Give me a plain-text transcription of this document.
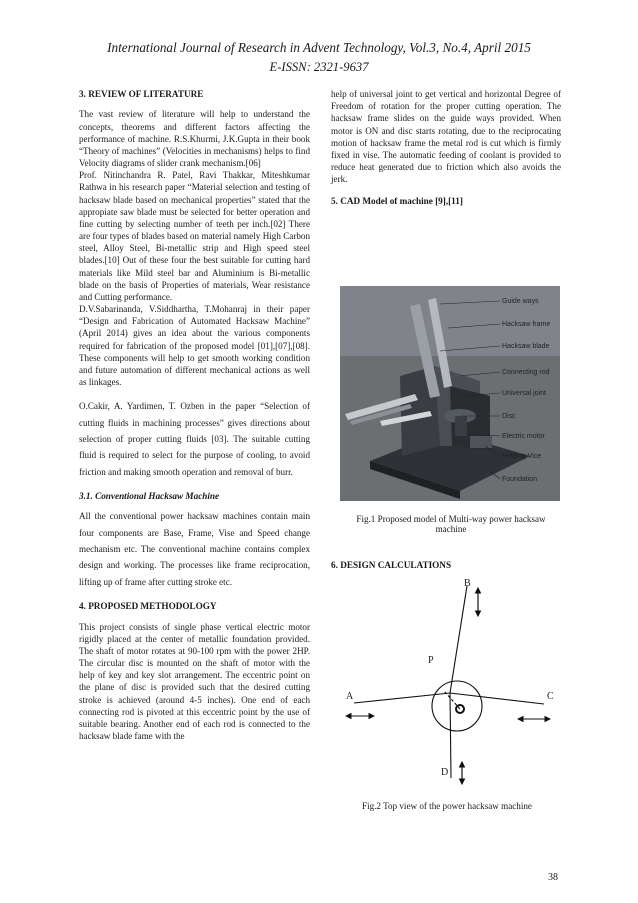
International Journal of Research in Advent Technology, Vol.3, No.4, April 2015
E-ISSN: 2321-9637
3. REVIEW OF LITERATURE

The vast review of literature will help to understand the concepts, theorems and different factors affecting the performance of machine. R.S.Khurmi, J.K.Gupta in their book “Theory of machines” (Velocities in mechanisms) helps to find Velocity diagrams of slider crank mechanism.[06]

Prof. Nitinchandra R. Patel, Ravi Thakkar, Miteshkumar Rathwa in his research paper “Material selection and testing of hacksaw blade based on mechanical properties” stated that the appropiate saw blade must be selected for better operation and fine cutting by selecting number of teeth per inch.[02] There are four types of blades based on material namely High Carbon steel, Alloy Steel, Bi-metallic strip and High speed steel blades.[10] Out of these four the best suitable for cutting hard materials like Mild steel bar and Aluminium is Bi-metallic blade on the basis of Properties of materials, Wear resistance and Cutting performance.

D.V.Sabarinanda, V.Siddhartha, T.Mohanraj in their paper “Design and Fabrication of Automated Hacksaw Machine” (April 2014) gives an idea about the various components required for fabrication of the proposed model [01],[07],[08]. These components will help to get smooth working condition and future automation of different mechanical actions as well as linkages.

O.Cakir, A. Yardimen, T. Ozben in the paper “Selection of cutting fluids in machining processes” gives directions about selection of proper cutting fluids [03]. The suitable cutting fluid is required to select for the purpose of cooling, to avoid friction and making smooth operation and removal of burr.

3.1. Conventional Hacksaw Machine

All the conventional power hacksaw machines contain main four components are Base, Frame, Vise and Speed change mechanism etc. The conventional machine contains complex design and working. The processes like frame reciprocation, lifting up of frame after cutting stroke etc.

4. PROPOSED METHODOLOGY

This project consists of single phase vertical electric motor rigidly placed at the center of metallic foundation provided. The shaft of motor rotates at 90-100 rpm with the power 2HP. The circular disc is mounted on the shaft of motor with the help of key and key slot arrangement. The eccentric point on the plane of disc is provided such that the desired cutting stroke is achieved (around 4-5 inches). One end of each connecting rod is pivoted at this eccentric point by the use of suitable bearing. Another end of each rod is connected to the hacksaw blade fame with the

help of universal joint to get vertical and horizontal Degree of Freedom of rotation for the proper cutting operation. The hacksaw frame slides on the guide ways provided. When motor is ON and disc starts rotating, due to the reciprocating motion of hacksaw frame the metal rod is cut which is firmly fixed in vise. The automatic feeding of coolant is provided to reduce heat generated due to friction which also avoids the jerk.

5. CAD Model of machine [9],[11]
Guide ways
Hacksaw frame
Hacksaw blade
Connecting rod
Universal joint
Disc
Electric motor
Holding Vice
Foundation
Fig.1 Proposed model of Multi-way power hacksaw machine
6. DESIGN CALCULATIONS
B
P
A	C
D
Fig.2 Top view of the power hacksaw machine
38
